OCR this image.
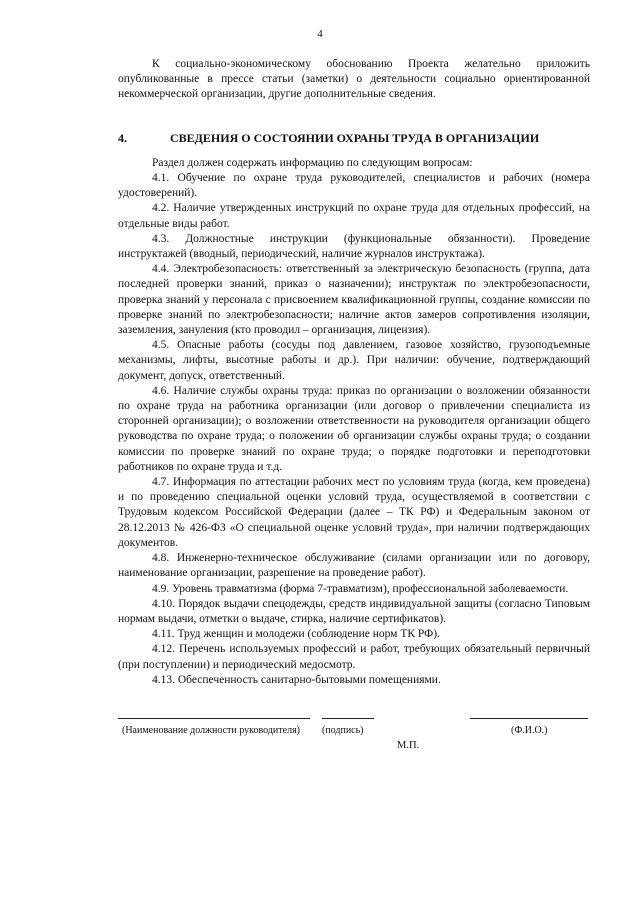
4

К социально-экономическому обоснованию Проекта желательно приложить опубликованные в прессе статьи (заметки) о деятельности социально ориентированной некоммерческой организации, другие дополнительные сведения.

4.	СВЕДЕНИЯ О СОСТОЯНИИ ОХРАНЫ ТРУДА В ОРГАНИЗАЦИИ

Раздел должен содержать информацию по следующим вопросам:

4.1. Обучение по охране труда руководителей, специалистов и рабочих (номера удостоверений).

4.2. Наличие утвержденных инструкций по охране труда для отдельных профессий, на отдельные виды работ.

4.3. Должностные инструкции (функциональные обязанности). Проведение инструктажей (вводный, периодический, наличие журналов инструктажа).

4.4. Электробезопасность: ответственный за электрическую безопасность (группа, дата последней проверки знаний, приказ о назначении); инструктаж по электробезопасности, проверка знаний у персонала с присвоением квалификационной группы, создание комиссии по проверке знаний по электробезопасности; наличие актов замеров сопротивления изоляции, заземления, зануления (кто проводил – организация, лицензия).

4.5. Опасные работы (сосуды под давлением, газовое хозяйство, грузоподъемные механизмы, лифты, высотные работы и др.). При наличии: обучение, подтверждающий документ, допуск, ответственный.

4.6. Наличие службы охраны труда: приказ по организации о возложении обязанности по охране труда на работника организации (или договор о привлечении специалиста из сторонней организации); о возложении ответственности на руководителя организации общего руководства по охране труда; о положении об организации службы охраны труда; о создании комиссии по проверке знаний по охране труда; о порядке подготовки и переподготовки работников по охране труда и т.д.

4.7. Информация по аттестации рабочих мест по условиям труда (когда, кем проведена) и по проведению специальной оценки условий труда, осуществляемой в соответствии с Трудовым кодексом Российской Федерации (далее – ТК РФ) и Федеральным законом от 28.12.2013 № 426-ФЗ «О специальной оценке условий труда», при наличии подтверждающих документов.

4.8. Инженерно-техническое обслуживание (силами организации или по договору, наименование организации, разрешение на проведение работ).

4.9. Уровень травматизма (форма 7-травматизм), профессиональной заболеваемости.

4.10. Порядок выдачи спецодежды, средств индивидуальной защиты (согласно Типовым нормам выдачи, отметки о выдаче, стирка, наличие сертификатов).

4.11. Труд женщин и молодежи (соблюдение норм ТК РФ).

4.12. Перечень используемых профессий и работ, требующих обязательный первичный (при поступлении) и периодический медосмотр.

4.13. Обеспеченность санитарно-бытовыми помещениями.

(Наименование должности руководителя) (подпись)	(Ф.И.О.)
М.П.
